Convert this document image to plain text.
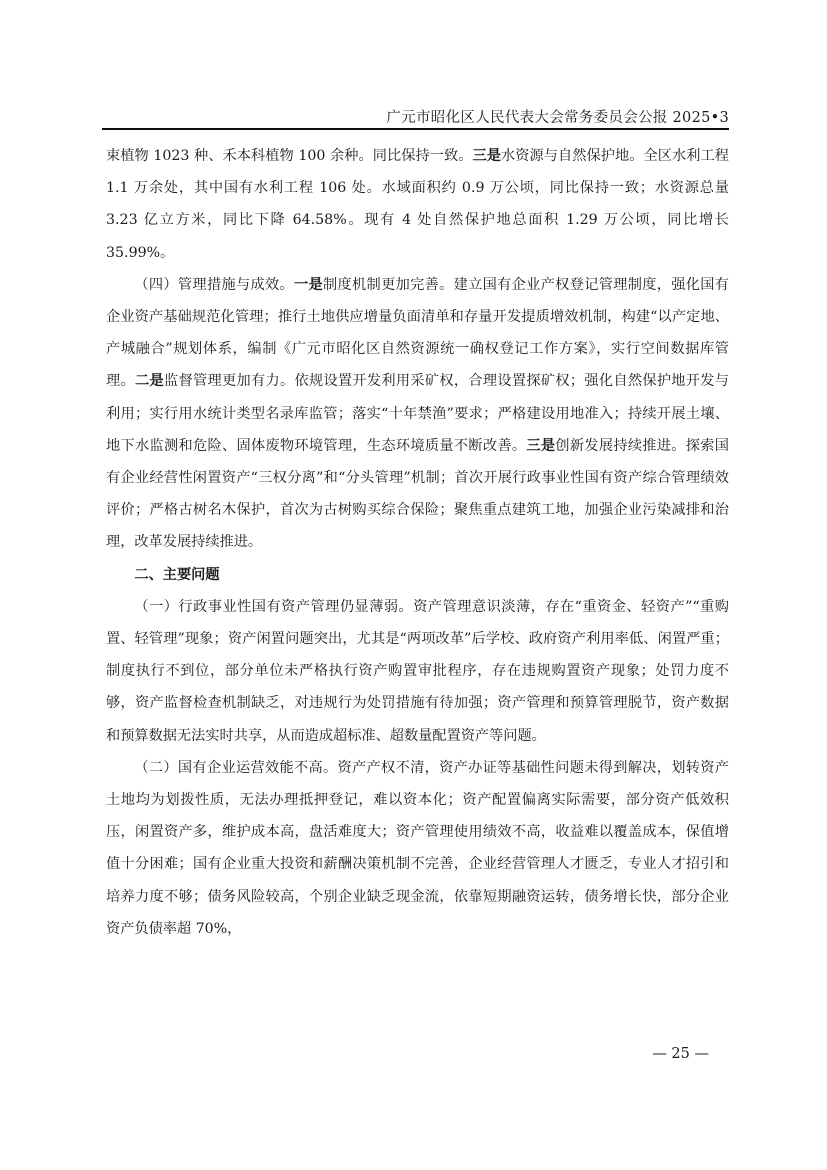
广元市昭化区人民代表大会常务委员会公报 2025•3

束植物 1023 种、禾本科植物 100 余种。同比保持一致。三是水资源与自然保护地。全区水利工程 1.1 万余处，其中国有水利工程 106 处。水域面积约 0.9 万公顷，同比保持一致；水资源总量 3.23 亿立方米，同比下降 64.58%。现有 4 处自然保护地总面积 1.29 万公顷，同比增长 35.99%。

（四）管理措施与成效。一是制度机制更加完善。建立国有企业产权登记管理制度，强化国有企业资产基础规范化管理；推行土地供应增量负面清单和存量开发提质增效机制，构建“以产定地、产城融合”规划体系，编制《广元市昭化区自然资源统一确权登记工作方案》，实行空间数据库管理。二是监督管理更加有力。依规设置开发利用采矿权，合理设置探矿权；强化自然保护地开发与利用；实行用水统计类型名录库监管；落实“十年禁渔”要求；严格建设用地准入；持续开展土壤、地下水监测和危险、固体废物环境管理，生态环境质量不断改善。三是创新发展持续推进。探索国有企业经营性闲置资产“三权分离”和“分头管理”机制；首次开展行政事业性国有资产综合管理绩效评价；严格古树名木保护，首次为古树购买综合保险；聚焦重点建筑工地，加强企业污染减排和治理，改革发展持续推进。

二、主要问题

（一）行政事业性国有资产管理仍显薄弱。资产管理意识淡薄，存在“重资金、轻资产”“重购置、轻管理”现象；资产闲置问题突出，尤其是“两项改革”后学校、政府资产利用率低、闲置严重；制度执行不到位，部分单位未严格执行资产购置审批程序，存在违规购置资产现象；处罚力度不够，资产监督检查机制缺乏，对违规行为处罚措施有待加强；资产管理和预算管理脱节，资产数据和预算数据无法实时共享，从而造成超标准、超数量配置资产等问题。

（二）国有企业运营效能不高。资产产权不清，资产办证等基础性问题未得到解决，划转资产土地均为划拨性质，无法办理抵押登记，难以资本化；资产配置偏离实际需要，部分资产低效积压，闲置资产多，维护成本高，盘活难度大；资产管理使用绩效不高，收益难以覆盖成本，保值增值十分困难；国有企业重大投资和薪酬决策机制不完善，企业经营管理人才匮乏，专业人才招引和培养力度不够；债务风险较高，个别企业缺乏现金流，依靠短期融资运转，债务增长快，部分企业资产负债率超 70%，

— 25 —
